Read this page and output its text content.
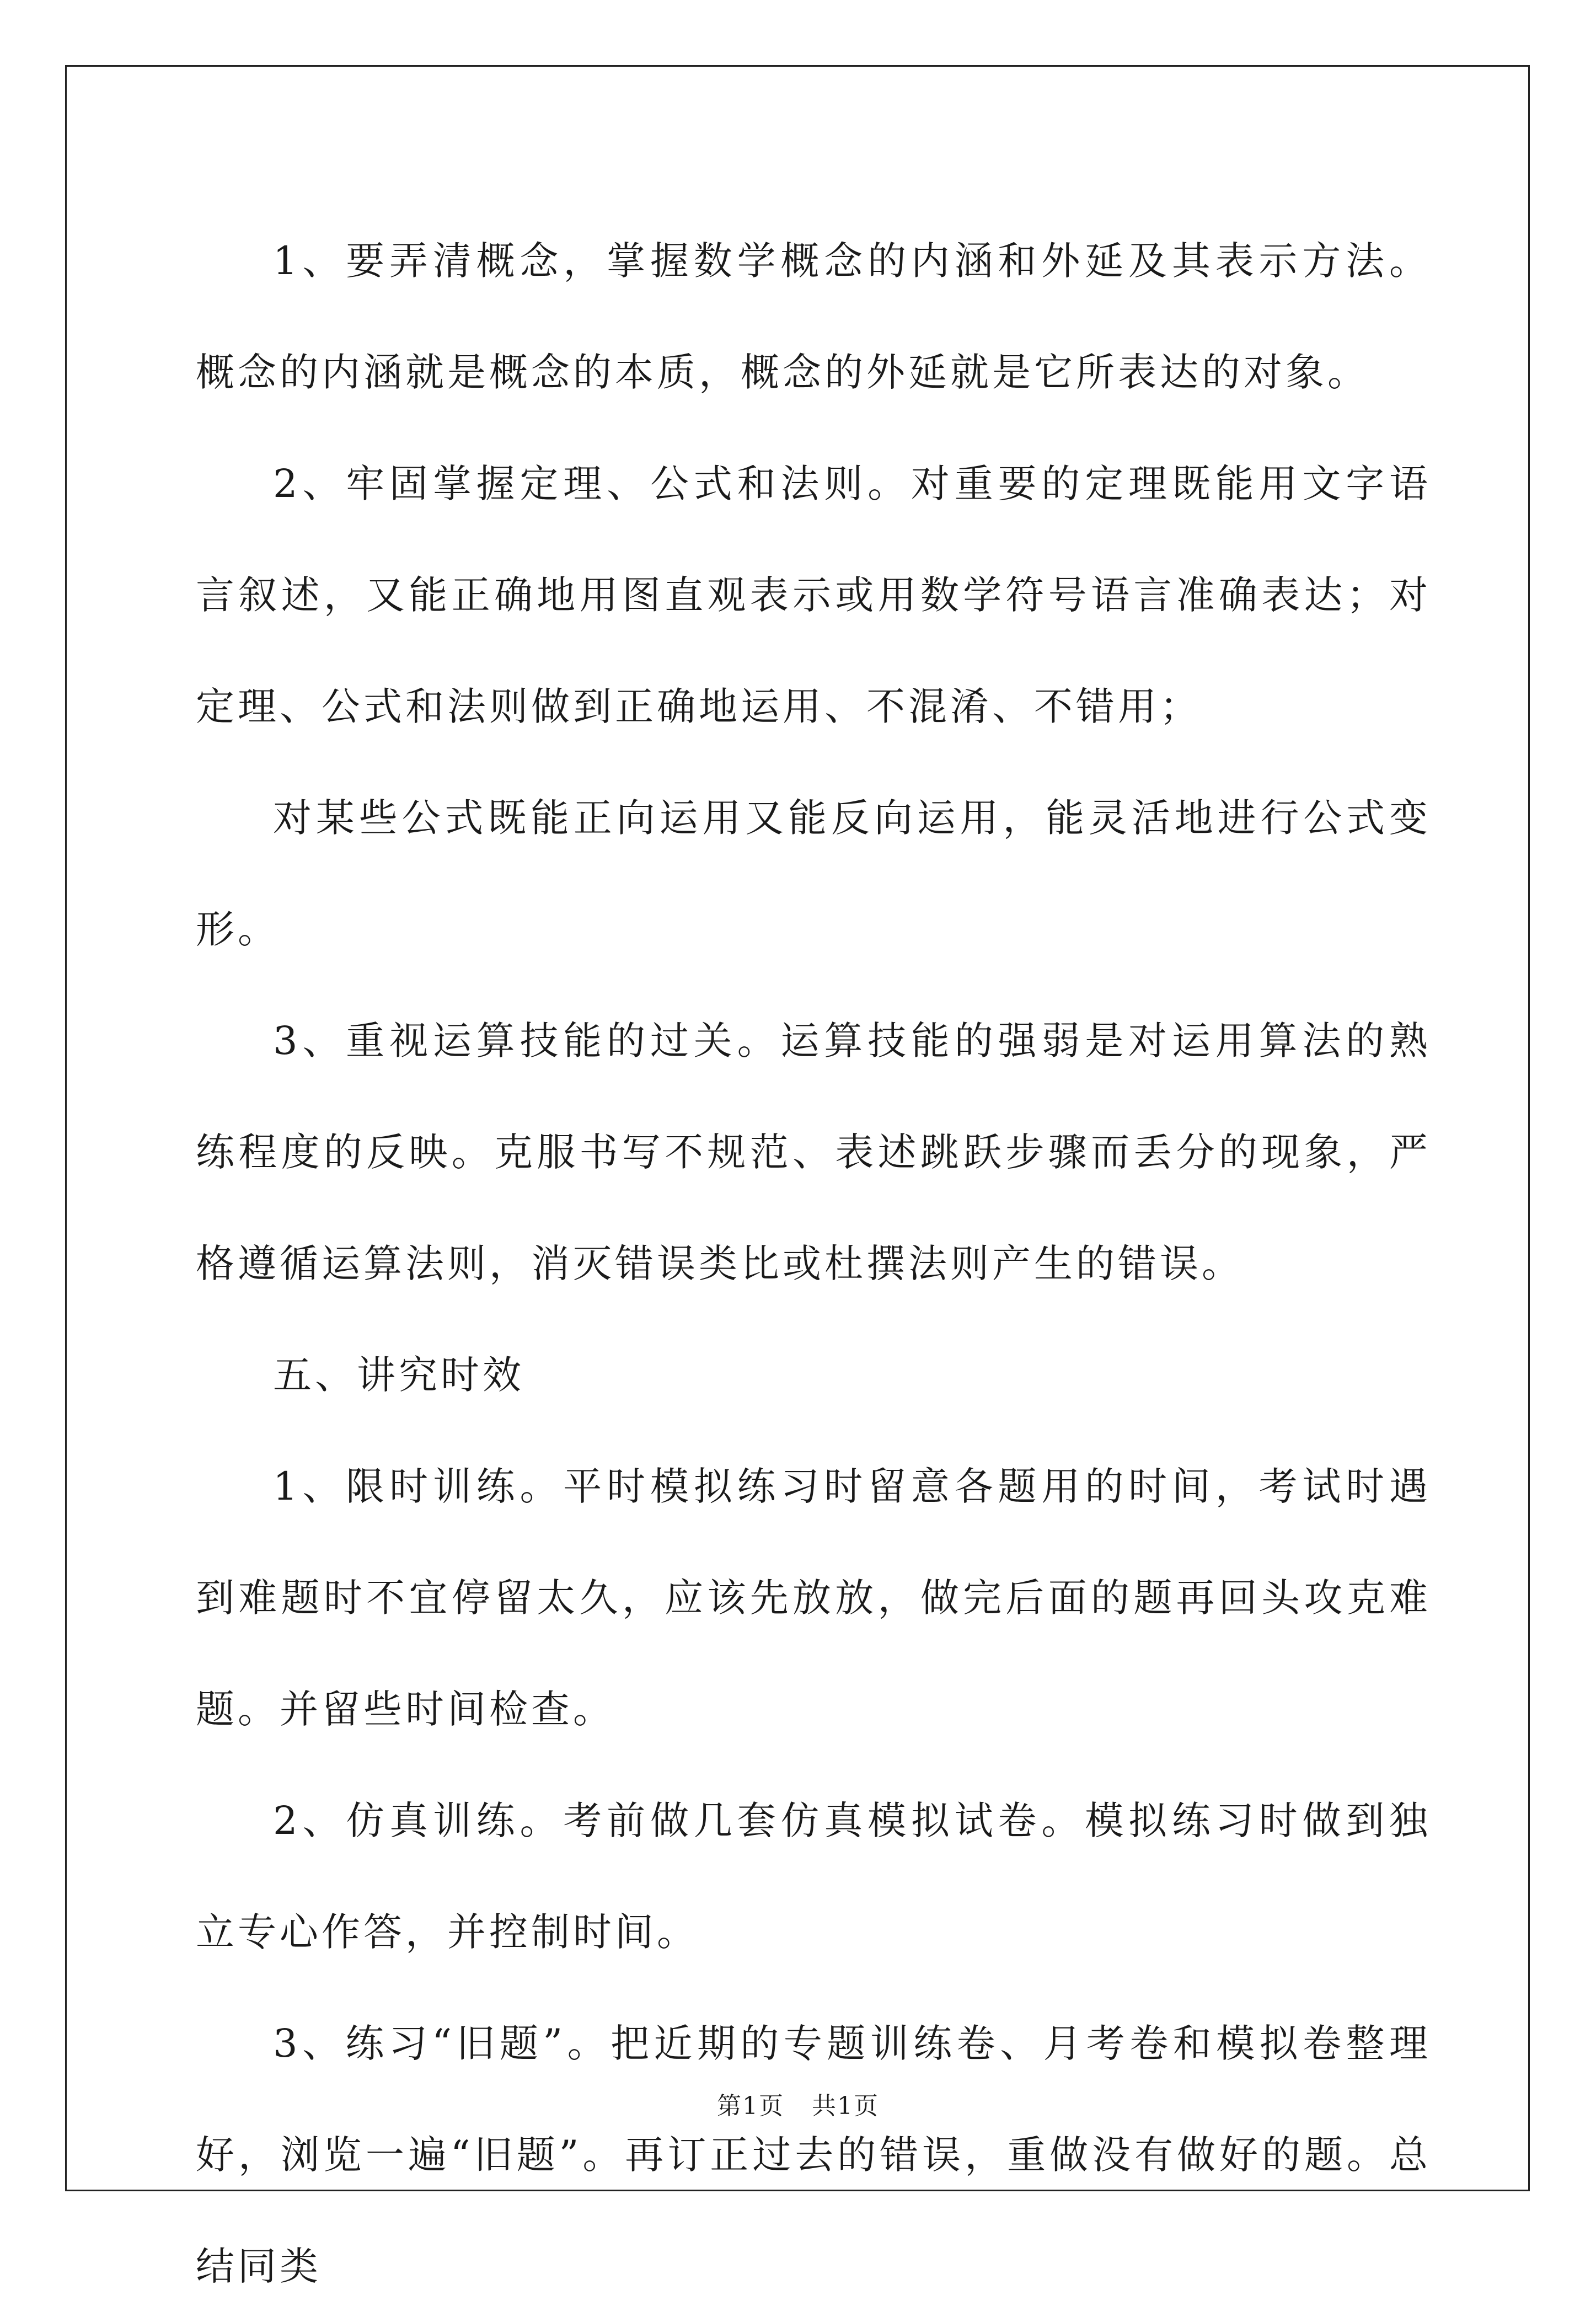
1、要弄清概念，掌握数学概念的内涵和外延及其表示方法。概念的内涵就是概念的本质，概念的外延就是它所表达的对象。

2、牢固掌握定理、公式和法则。对重要的定理既能用文字语言叙述，又能正确地用图直观表示或用数学符号语言准确表达；对定理、公式和法则做到正确地运用、不混淆、不错用；

对某些公式既能正向运用又能反向运用，能灵活地进行公式变形。

3、重视运算技能的过关。运算技能的强弱是对运用算法的熟练程度的反映。克服书写不规范、表述跳跃步骤而丢分的现象，严格遵循运算法则，消灭错误类比或杜撰法则产生的错误。

五、讲究时效

1、限时训练。平时模拟练习时留意各题用的时间，考试时遇到难题时不宜停留太久，应该先放放，做完后面的题再回头攻克难题。并留些时间检查。

2、仿真训练。考前做几套仿真模拟试卷。模拟练习时做到独立专心作答，并控制时间。

3、练习“旧题”。把近期的专题训练卷、月考卷和模拟卷整理好，浏览一遍“旧题”。再订正过去的错误，重做没有做好的题。总结同类

第1页 共1页
